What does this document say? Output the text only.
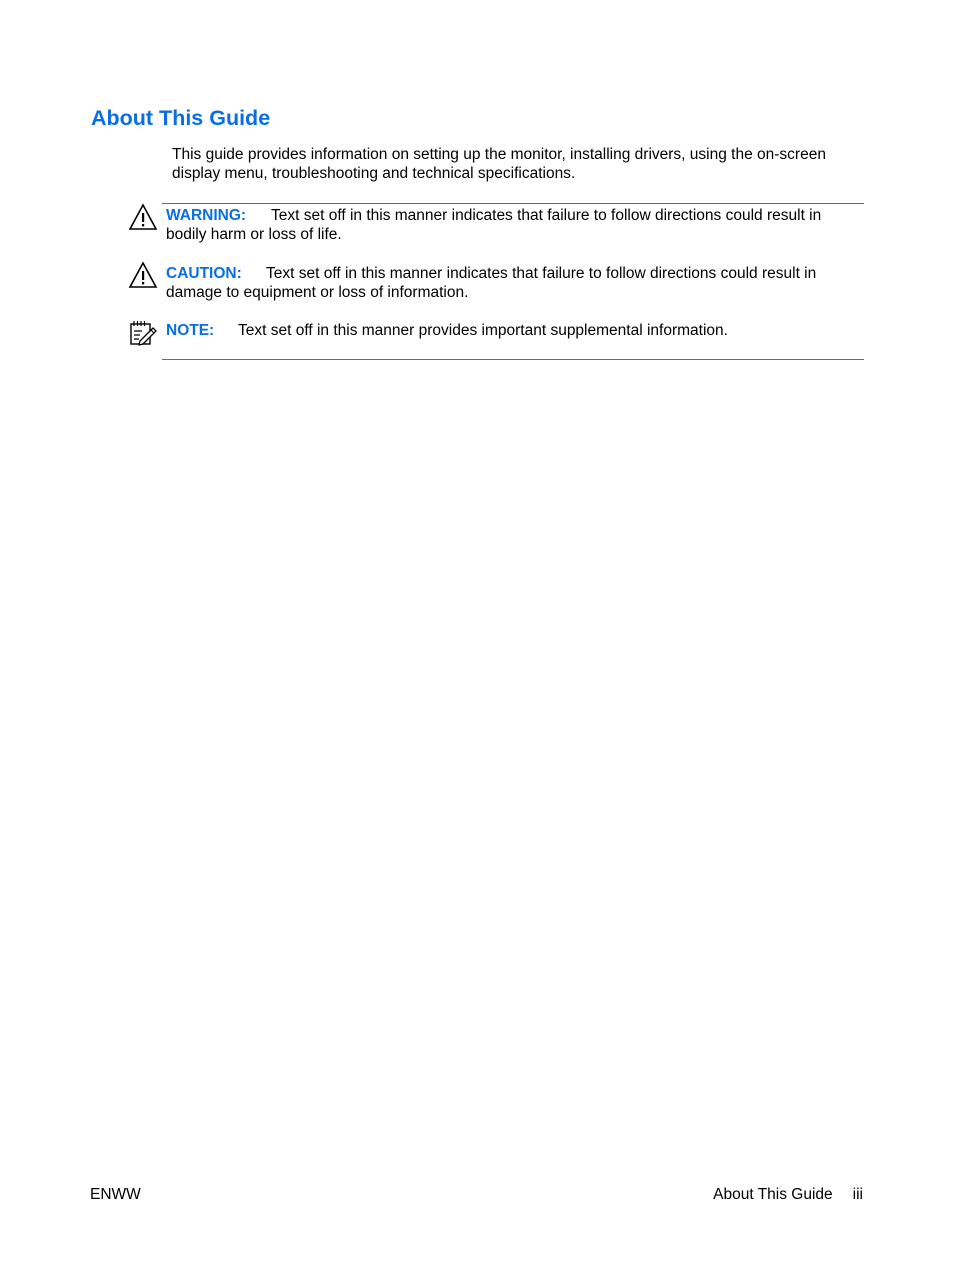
About This Guide

This guide provides information on setting up the monitor, installing drivers, using the on-screen display menu, troubleshooting and technical specifications.

WARNING: Text set off in this manner indicates that failure to follow directions could result in bodily harm or loss of life.

CAUTION: Text set off in this manner indicates that failure to follow directions could result in damage to equipment or loss of information.

NOTE: Text set off in this manner provides important supplemental information.

ENWW	About This Guide iii
